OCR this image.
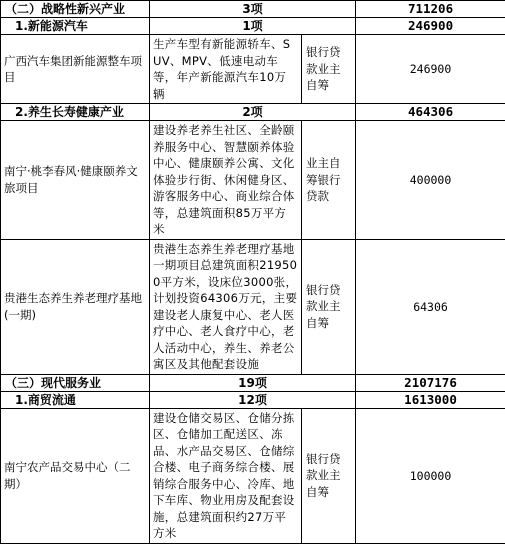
（二）战略性新兴产业	3项		711206
1.新能源汽车	1项		246900
广西汽车集团新能源整车项目	生产车型有新能源轿车、SUV、MPV、低速电动车等，年产新能源汽车10万辆	银行贷款业主自筹	246900
2.养生长寿健康产业	2项		464306
南宁·桃李春风·健康颐养文旅项目	建设养老养生社区、全龄颐养服务中心、智慧颐养体验中心、健康颐养公寓、文化体验步行街、休闲健身区、游客服务中心、商业综合体等，总建筑面积85万平方米	业主自筹银行贷款	400000
贵港生态养生养老理疗基地(一期)	贵港生态养生养老理疗基地一期项目总建筑面积219500平方米，设床位3000张，计划投资64306万元，主要建设老人康复中心、老人医疗中心、老人食疗中心，老人活动中心，养生、养老公寓区及其他配套设施	银行贷款业主自筹	64306
（三）现代服务业	19项		2107176
1.商贸流通	12项		1613000
南宁农产品交易中心（二期）	建设仓储交易区、仓储分拣区、仓储加工配送区、冻品、水产品交易区、仓储综合楼、电子商务综合楼、展销综合服务中心、冷库、地下车库、物业用房及配套设施，总建筑面积约27万平方米	银行贷款业主自筹	100000
